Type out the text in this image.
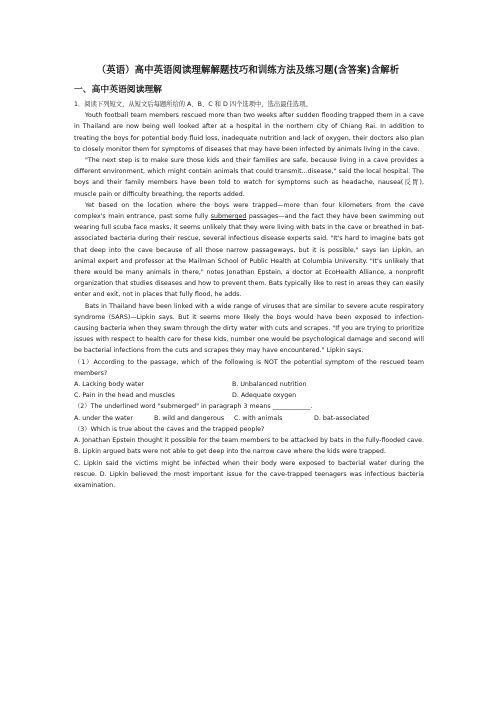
（英语）高中英语阅读理解解题技巧和训练方法及练习题(含答案)含解析
一、高中英语阅读理解

1．阅读下列短文，从短文后每题所给的 A、B、C 和 D 四个选项中，选出最佳选项。

Youth football team members rescued more than two weeks after sudden flooding trapped them in a cave in Thailand are now being well looked after at a hospital in the northern city of Chiang Rai. In addition to treating the boys for potential body fluid loss, inadequate nutrition and lack of oxygen, their doctors also plan to closely monitor them for symptoms of diseases that may have been infected by animals living in the cave.

"The next step is to make sure those kids and their families are safe, because living in a cave provides a different environment, which might contain animals that could transmit...disease," said the local hospital. The boys and their family members have been told to watch for symptoms such as headache, nausea(反胃), muscle pain or difficulty breathing, the reports added.

Yet based on the location where the boys were trapped—more than four kilometers from the cave complex's main entrance, past some fully submerged passages—and the fact they have been swimming out wearing full scuba face masks, it seems unlikely that they were living with bats in the cave or breathed in bat-associated bacteria during their rescue, several infectious disease experts said. "It's hard to imagine bats got that deep into the cave because of all those narrow passageways, but it is possible," says Ian Lipkin, an animal expert and professor at the Mailman School of Public Health at Columbia University. "It's unlikely that there would be many animals in there," notes Jonathan Epstein, a doctor at EcoHealth Alliance, a nonprofit organization that studies diseases and how to prevent them. Bats typically like to rest in areas they can easily enter and exit, not in places that fully flood, he adds.

Bats in Thailand have been linked with a wide range of viruses that are similar to severe acute respiratory syndrome (SARS)—Lipkin says. But it seems more likely the boys would have been exposed to infection-causing bacteria when they swam through the dirty water with cuts and scrapes. "If you are trying to prioritize issues with respect to health care for these kids, number one would be psychological damage and second will be bacterial infections from the cuts and scrapes they may have encountered." Lipkin says.

（1）According to the passage, which of the following is NOT the potential symptom of the rescued team members?

A. Lacking body water	B. Unbalanced nutrition
C. Pain in the head and muscles	D. Adequate oxygen

（2）The underlined word "submerged" in paragraph 3 means ____________.

A. under the water	B. wild and dangerous	C. with animals	D. bat-associated

（3）Which is true about the caves and the trapped people?

A. Jonathan Epstein thought it possible for the team members to be attacked by bats in the fully-flooded cave. B. Lipkin argued bats were not able to get deep into the narrow cave where the kids were trapped.

C. Lipkin said the victims might be infected when their body were exposed to bacterial water during the rescue. D. Lipkin believed the most important issue for the cave-trapped teenagers was infectious bacteria examination.
